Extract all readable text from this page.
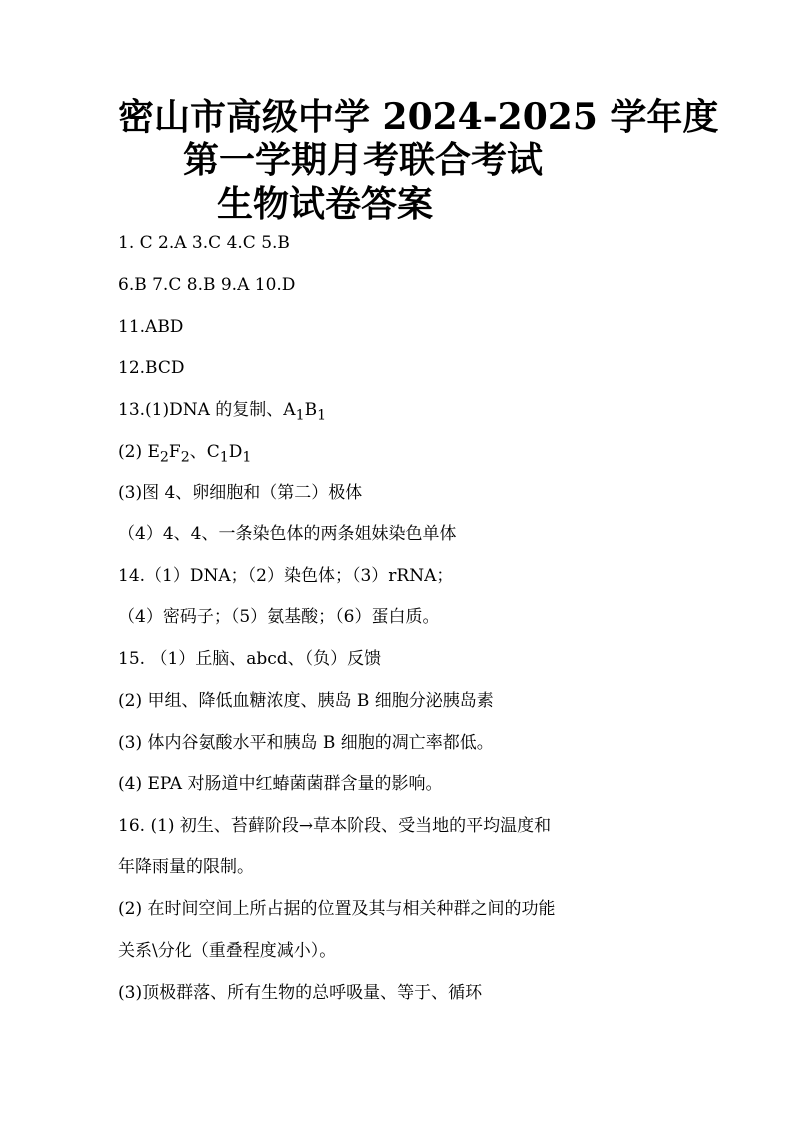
密山市高级中学 2024-2025 学年度
第一学期月考联合考试
生物试卷答案
1. C 2.A 3.C 4.C 5.B
6.B 7.C 8.B 9.A 10.D
11.ABD
12.BCD
13.(1)DNA 的复制、$A_1B_1$
(2) $E_2F_2$、$C_1D_1$
(3)图 4、卵细胞和（第二）极体
（4）4、4、一条染色体的两条姐妹染色单体
14.（1）DNA；（2）染色体；（3）rRNA；
（4）密码子；（5）氨基酸；（6）蛋白质。
15. （1）丘脑、abcd、（负）反馈
(2) 甲组、降低血糖浓度、胰岛 B 细胞分泌胰岛素
(3) 体内谷氨酸水平和胰岛 B 细胞的凋亡率都低。
(4) EPA 对肠道中红蝽菌菌群含量的影响。
16. (1) 初生、苔藓阶段→草本阶段、受当地的平均温度和
年降雨量的限制。
(2) 在时间空间上所占据的位置及其与相关种群之间的功能
关系\分化（重叠程度减小）。
(3)顶极群落、所有生物的总呼吸量、等于、循环
